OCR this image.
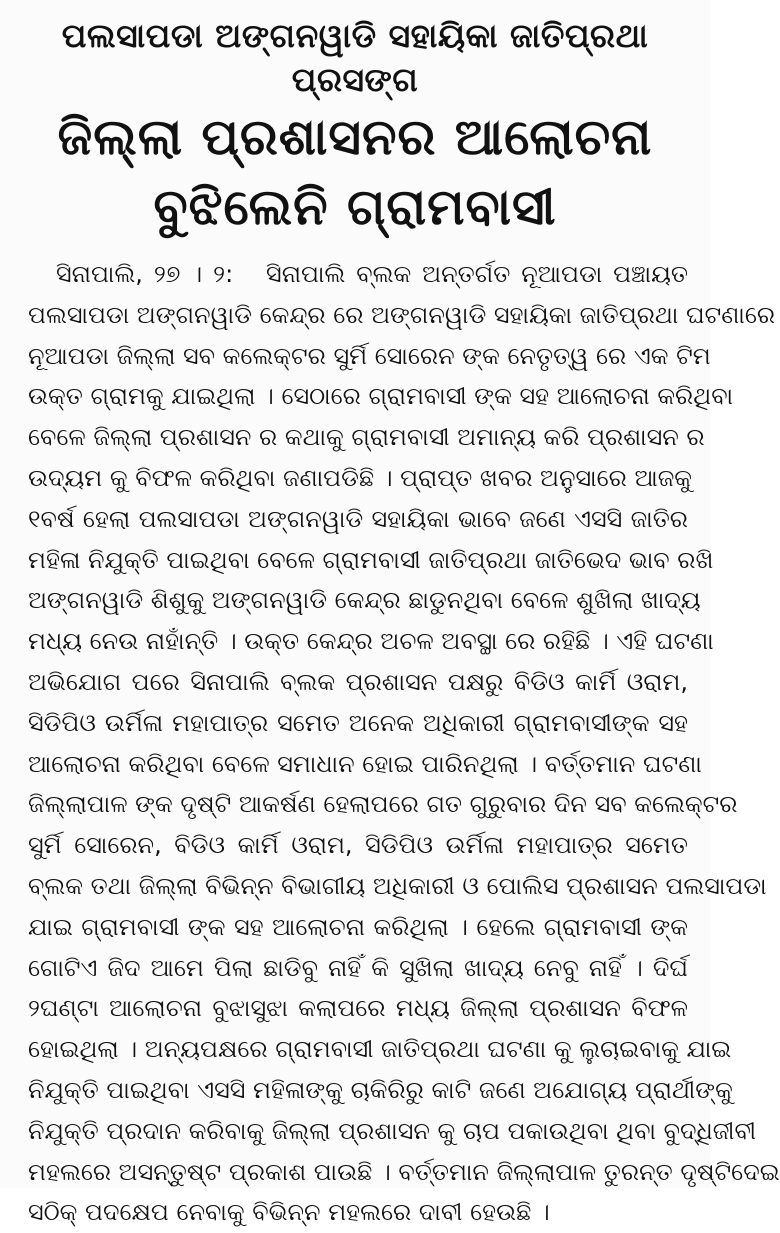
ପଲସାପଡା ଅଙ୍ଗନୱାଡି ସହାୟିକା ଜାତିପ୍ରଥା ପ୍ରସଙ୍ଗ
ଜିଲ୍ଲା ପ୍ରଶାସନର ଆଲୋଚନା
ବୁଝିଲେନି ଗ୍ରାମବାସୀ
ସିନାପାଲି, ୨୭ । ୨: ସିନାପାଲି ବ୍ଲକ ଅନ୍ତର୍ଗତ ନୂଆପଡା ପଞ୍ଚାୟତ
ପଲସାପଡା ଅଙ୍ଗନୱାଡି କେନ୍ଦ୍ର ରେ ଅଙ୍ଗନୱାଡି ସହାୟିକା ଜାତିପ୍ରଥା ଘଟଣାରେ
ନୂଆପଡା ଜିଲ୍ଲା ସବ କଲେକ୍ଟର ସୁର୍ମି ସୋରେନ ଙ୍କ ନେତୃତ୍ୱ ରେ ଏକ ଟିମ
ଉକ୍ତ ଗ୍ରାମକୁ ଯାଇଥିଲା । ସେଠାରେ ଗ୍ରାମବାସୀ ଙ୍କ ସହ ଆଲୋଚନା କରିଥିବା
ବେଳେ ଜିଲ୍ଲା ପ୍ରଶାସନ ର କଥାକୁ ଗ୍ରାମବାସୀ ଅମାନ୍ୟ କରି ପ୍ରଶାସନ ର
ଉଦ୍ୟମ କୁ ବିଫଳ କରିଥିବା ଜଣାପଡିଛି । ପ୍ରାପ୍ତ ଖବର ଅନୁସାରେ ଆଜକୁ
୧ବର୍ଷ ହେଲା ପଲସାପଡା ଅଙ୍ଗନୱାଡି ସହାୟିକା ଭାବେ ଜଣେ ଏସସି ଜାତିର
ମହିଳା ନିଯୁକ୍ତି ପାଇଥିବା ବେଳେ ଗ୍ରାମବାସୀ ଜାତିପ୍ରଥା ଜାତିଭେଦ ଭାବ ରଖି
ଅଙ୍ଗନୱାଡି ଶିଶୁକୁ ଅଙ୍ଗନୱାଡି କେନ୍ଦ୍ର ଛାଡୁନଥିବା ବେଳେ ଶୁଖିଲା ଖାଦ୍ୟ
ମଧ୍ୟ ନେଉ ନାହାଁନ୍ତି । ଉକ୍ତ କେନ୍ଦ୍ର ଅଚଳ ଅବସ୍ଥା ରେ ରହିଛି । ଏହି ଘଟଣା
ଅଭିଯୋଗ ପରେ ସିନାପାଲି ବ୍ଲକ ପ୍ରଶାସନ ପକ୍ଷରୁ ବିଡିଓ କାର୍ମି ଓରାମ,
ସିଡିପିଓ ଉର୍ମିଳା ମହାପାତ୍ର ସମେତ ଅନେକ ଅଧିକାରୀ ଗ୍ରାମବାସୀଙ୍କ ସହ
ଆଲୋଚନା କରିଥିବା ବେଳେ ସମାଧାନ ହୋଇ ପାରିନଥିଲା । ବର୍ତ୍ତମାନ ଘଟଣା
ଜିଲ୍ଲାପାଳ ଙ୍କ ଦୃଷ୍ଟି ଆକର୍ଷଣ ହେଲାପରେ ଗତ ଗୁରୁବାର ଦିନ ସବ କଲେକ୍ଟର
ସୁର୍ମି ସୋରେନ, ବିଡିଓ କାର୍ମି ଓରାମ, ସିଡିପିଓ ଉର୍ମିଳା ମହାପାତ୍ର ସମେତ
ବ୍ଲକ ତଥା ଜିଲ୍ଲା ବିଭିନ୍ନ ବିଭାଗୀୟ ଅଧିକାରୀ ଓ ପୋଲିସ ପ୍ରଶାସନ ପଲସାପଡା
ଯାଇ ଗ୍ରାମବାସୀ ଙ୍କ ସହ ଆଲୋଚନା କରିଥିଲା । ହେଲେ ଗ୍ରାମବାସୀ ଙ୍କ
ଗୋଟିଏ ଜିଦ ଆମେ ପିଲା ଛାଡିବୁ ନାହିଁ କି ସୁଖିଲା ଖାଦ୍ୟ ନେବୁ ନାହିଁ । ଦିର୍ଘ
୨ଘଣ୍ଟା ଆଲୋଚନା ବୁଝାସୁଝା କଲାପରେ ମଧ୍ୟ ଜିଲ୍ଲା ପ୍ରଶାସନ ବିଫଳ
ହୋଇଥିଲା । ଅନ୍ୟପକ୍ଷରେ ଗ୍ରାମବାସୀ ଜାତିପ୍ରଥା ଘଟଣା କୁ ଲୁଚାଇବାକୁ ଯାଇ
ନିଯୁକ୍ତି ପାଇଥିବା ଏସସି ମହିଳାଙ୍କୁ ଚାକିରିରୁ କାଟି ଜଣେ ଅଯୋଗ୍ୟ ପ୍ରାର୍ଥୀଙ୍କୁ
ନିଯୁକ୍ତି ପ୍ରଦାନ କରିବାକୁ ଜିଲ୍ଲା ପ୍ରଶାସନ କୁ ଚାପ ପକାଉଥିବା ଥିବା ବୁଦ୍ଧିଜୀବୀ
ମହଲରେ ଅସନ୍ତୁଷ୍ଟ ପ୍ରକାଶ ପାଉଛି । ବର୍ତ୍ତମାନ ଜିଲ୍ଲାପାଳ ତୁରନ୍ତ ଦୃଷ୍ଟିଦେଇ
ସଠିକ୍ ପଦକ୍ଷେପ ନେବାକୁ ବିଭିନ୍ନ ମହଲରେ ଦାବୀ ହେଉଛି ।
